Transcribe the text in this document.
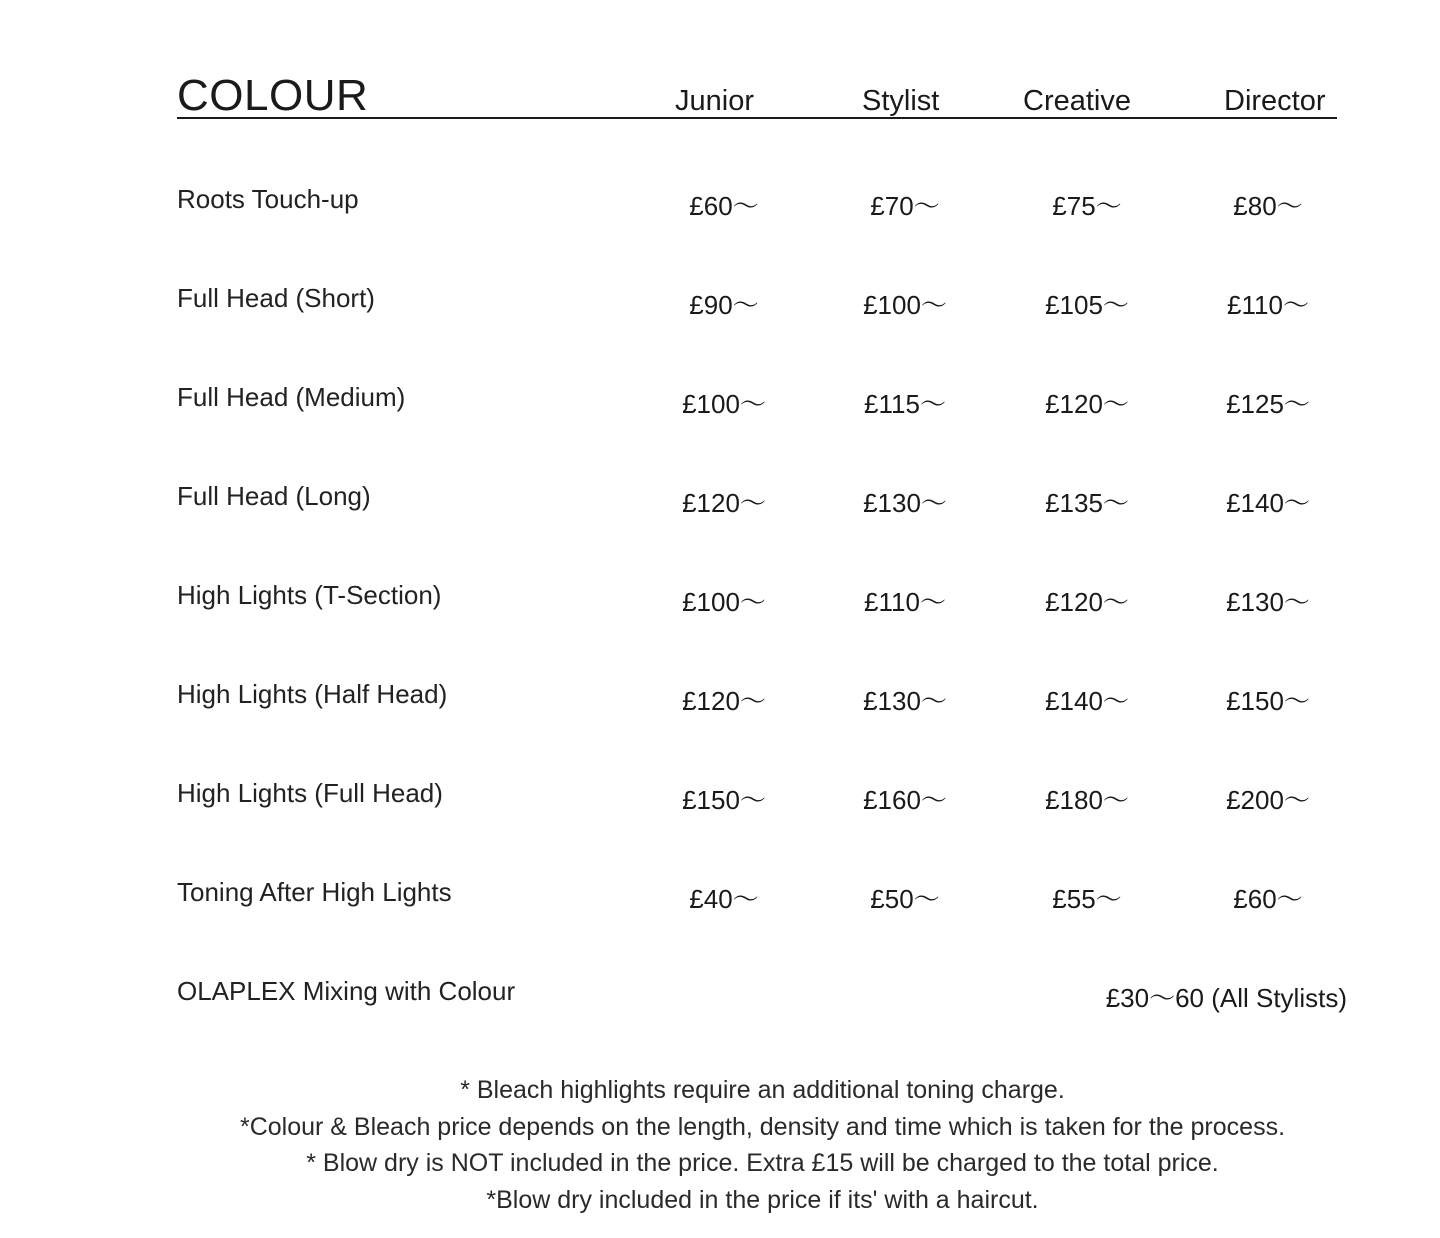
COLOUR	Junior	Stylist	Creative	Director
Roots Touch-up	£60～	£70～	£75～	£80～
Full Head (Short)	£90～	£100～	£105～	£110～
Full Head (Medium)	£100～	£115～	£120～	£125～
Full Head (Long)	£120～	£130～	£135～	£140～
High Lights (T-Section)	£100～	£110～	£120～	£130～
High Lights (Half Head)	£120～	£130～	£140～	£150～
High Lights (Full Head)	£150～	£160～	£180～	£200～
Toning After High Lights	£40～	£50～	£55～	£60～
OLAPLEX Mixing with Colour	£30～60 (All Stylists)
* Bleach highlights require an additional toning charge.
*Colour & Bleach price depends on the length, density and time which is taken for the process.
* Blow dry is NOT included in the price. Extra £15 will be charged to the total price.
*Blow dry included in the price if its' with a haircut.
